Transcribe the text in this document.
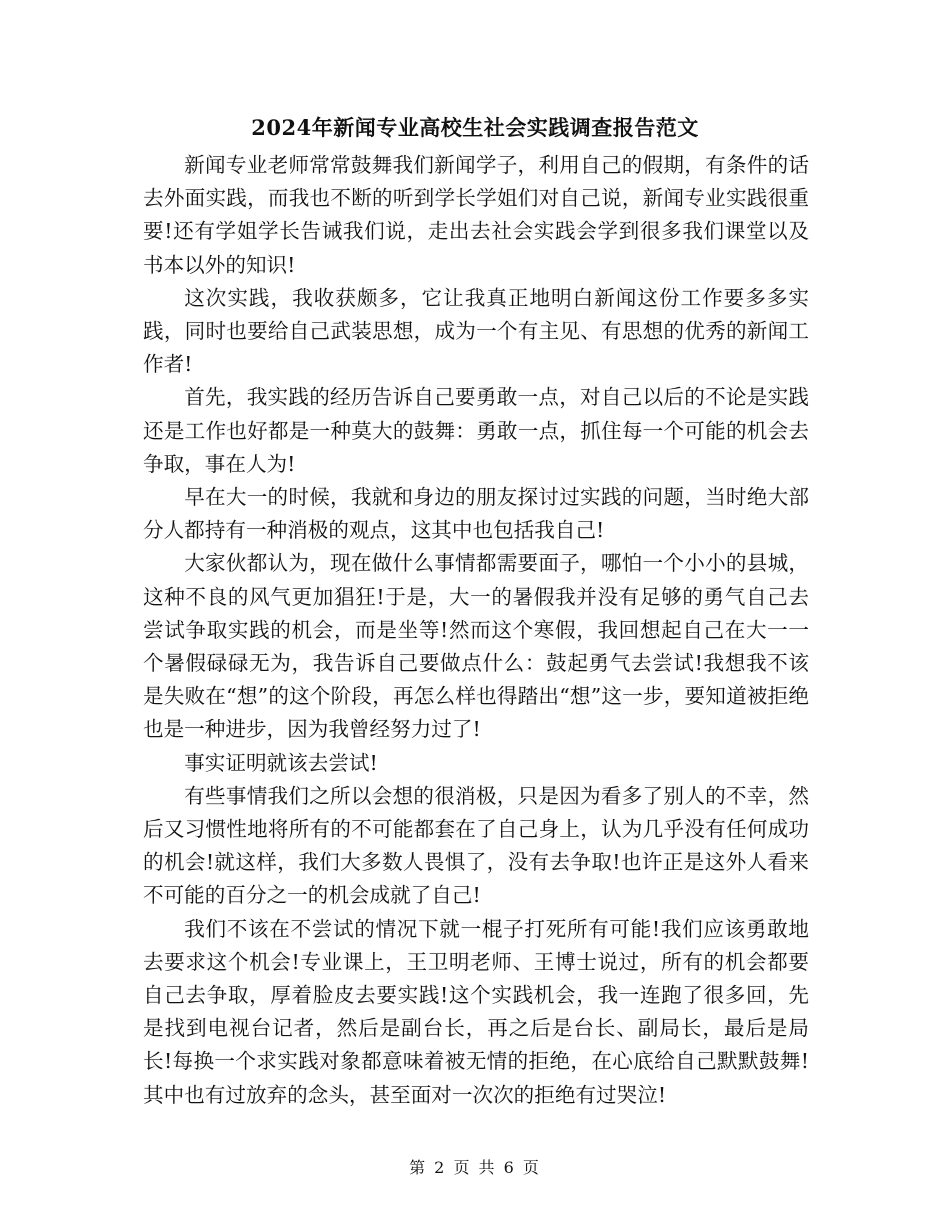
2024年新闻专业高校生社会实践调查报告范文

新闻专业老师常常鼓舞我们新闻学子，利用自己的假期，有条件的话去外面实践，而我也不断的听到学长学姐们对自己说，新闻专业实践很重要!还有学姐学长告诫我们说，走出去社会实践会学到很多我们课堂以及书本以外的知识!

这次实践，我收获颇多，它让我真正地明白新闻这份工作要多多实践，同时也要给自己武装思想，成为一个有主见、有思想的优秀的新闻工作者!

首先，我实践的经历告诉自己要勇敢一点，对自己以后的不论是实践还是工作也好都是一种莫大的鼓舞：勇敢一点，抓住每一个可能的机会去争取，事在人为!

早在大一的时候，我就和身边的朋友探讨过实践的问题，当时绝大部分人都持有一种消极的观点，这其中也包括我自己!

大家伙都认为，现在做什么事情都需要面子，哪怕一个小小的县城，这种不良的风气更加猖狂!于是，大一的暑假我并没有足够的勇气自己去尝试争取实践的机会，而是坐等!然而这个寒假，我回想起自己在大一一个暑假碌碌无为，我告诉自己要做点什么：鼓起勇气去尝试!我想我不该是失败在“想”的这个阶段，再怎么样也得踏出“想”这一步，要知道被拒绝也是一种进步，因为我曾经努力过了!

事实证明就该去尝试!

有些事情我们之所以会想的很消极，只是因为看多了别人的不幸，然后又习惯性地将所有的不可能都套在了自己身上，认为几乎没有任何成功的机会!就这样，我们大多数人畏惧了，没有去争取!也许正是这外人看来不可能的百分之一的机会成就了自己!

我们不该在不尝试的情况下就一棍子打死所有可能!我们应该勇敢地去要求这个机会!专业课上，王卫明老师、王博士说过，所有的机会都要自己去争取，厚着脸皮去要实践!这个实践机会，我一连跑了很多回，先是找到电视台记者，然后是副台长，再之后是台长、副局长，最后是局长!每换一个求实践对象都意味着被无情的拒绝，在心底给自己默默鼓舞!其中也有过放弃的念头，甚至面对一次次的拒绝有过哭泣!

第 2 页 共 6 页
